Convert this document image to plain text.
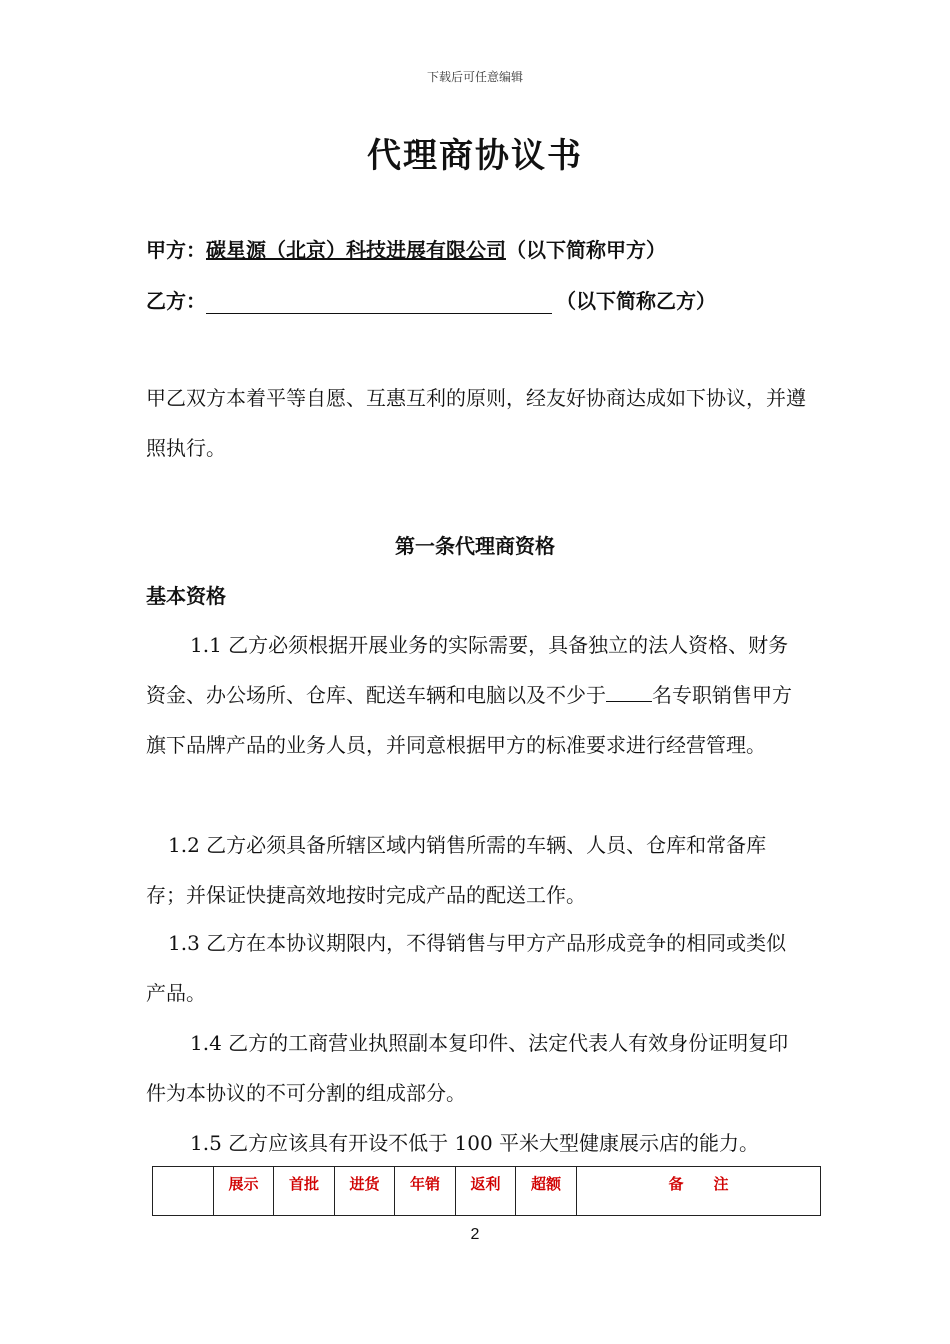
下载后可任意编辑
代理商协议书
甲方：碳星源（北京）科技进展有限公司（以下简称甲方）
乙方：	（以下简称乙方）
甲乙双方本着平等自愿、互惠互利的原则，经友好协商达成如下协议，并遵照执行。
第一条代理商资格
基本资格
1.1 乙方必须根据开展业务的实际需要，具备独立的法人资格、财务资金、办公场所、仓库、配送车辆和电脑以及不少于 名专职销售甲方旗下品牌产品的业务人员，并同意根据甲方的标准要求进行经营管理。
1.2 乙方必须具备所辖区域内销售所需的车辆、人员、仓库和常备库存；并保证快捷高效地按时完成产品的配送工作。
1.3 乙方在本协议期限内，不得销售与甲方产品形成竞争的相同或类似产品。
1.4 乙方的工商营业执照副本复印件、法定代表人有效身份证明复印件为本协议的不可分割的组成部分。
1.5 乙方应该具有开设不低于 100 平米大型健康展示店的能力。
	展示	首批	进货	年销	返利	超额	备　　注
2
